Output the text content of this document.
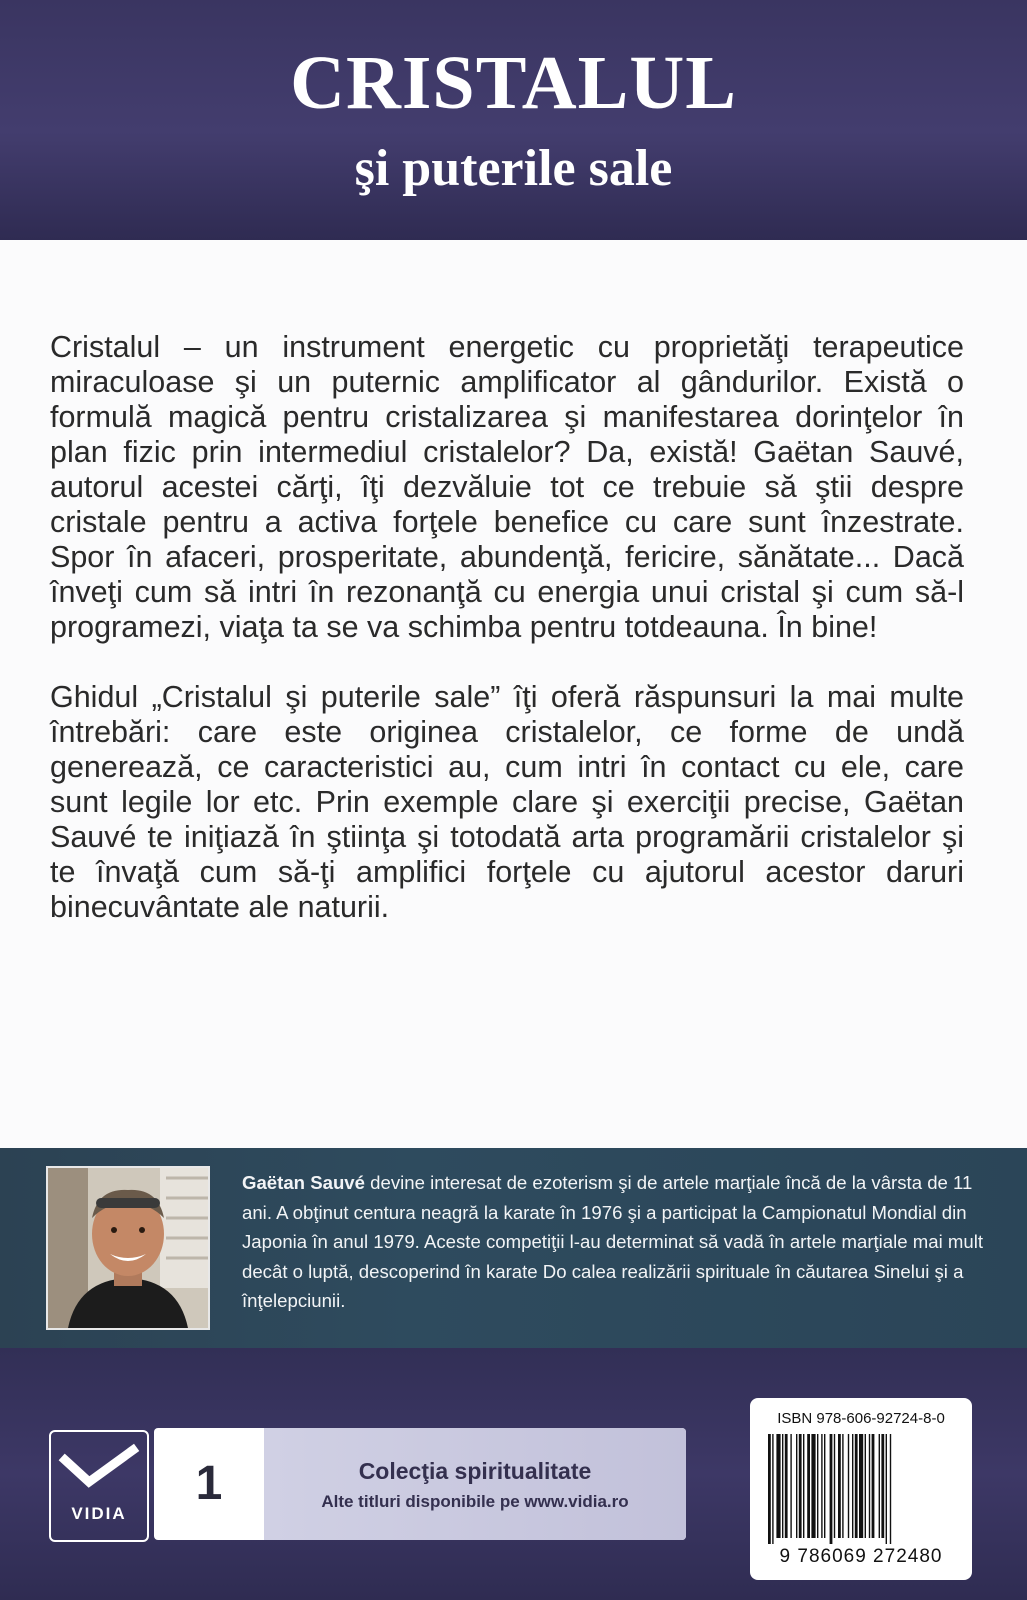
CRISTALUL
şi puterile sale

Cristalul – un instrument energetic cu proprietăţi terapeutice miraculoase şi un puternic amplificator al gândurilor. Există o formulă magică pentru cristalizarea şi manifestarea dorinţelor în plan fizic prin intermediul cristalelor? Da, există! Gaëtan Sauvé, autorul acestei cărţi, îţi dezvăluie tot ce trebuie să ştii despre cristale pentru a activa forţele benefice cu care sunt înzestrate. Spor în afaceri, prosperitate, abundenţă, fericire, sănătate... Dacă înveţi cum să intri în rezonanţă cu energia unui cristal şi cum să-l programezi, viaţa ta se va schimba pentru totdeauna. În bine!

Ghidul „Cristalul şi puterile sale” îţi oferă răspunsuri la mai multe întrebări: care este originea cristalelor, ce forme de undă generează, ce caracteristici au, cum intri în contact cu ele, care sunt legile lor etc. Prin exemple clare şi exerciţii precise, Gaëtan Sauvé te iniţiază în ştiinţa şi totodată arta programării cristalelor şi te învaţă cum să-ţi amplifici forţele cu ajutorul acestor daruri binecuvântate ale naturii.

Gaëtan Sauvé devine interesat de ezoterism şi de artele marţiale încă de la vârsta de 11 ani. A obţinut centura neagră la karate în 1976 şi a participat la Campionatul Mondial din Japonia în anul 1979. Aceste competiţii l-au determinat să vadă în artele marţiale mai mult decât o luptă, descoperind în karate Do calea realizării spirituale în căutarea Sinelui şi a înţelepciunii.
VIDIA
1	Colecţia spiritualitate
Alte titluri disponibile pe www.vidia.ro
ISBN 978-606-92724-8-0
9 786069 272480
